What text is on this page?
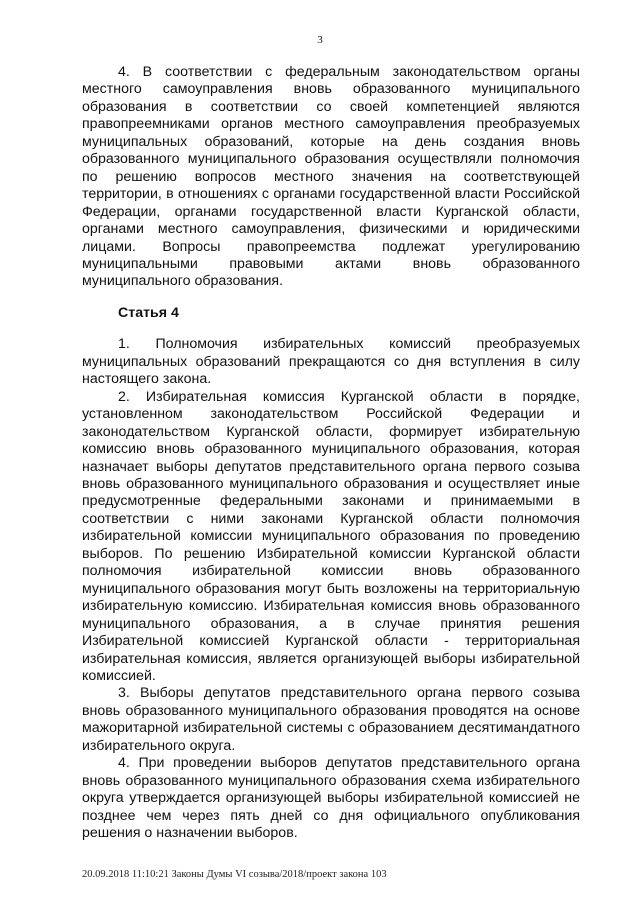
3

4. В соответствии с федеральным законодательством органы местного самоуправления вновь образованного муниципального образования в соответствии со своей компетенцией являются правопреемниками органов местного самоуправления преобразуемых муниципальных образований, которые на день создания вновь образованного муниципального образования осуществляли полномочия по решению вопросов местного значения на соответствующей территории, в отношениях с органами государственной власти Российской Федерации, органами государственной власти Курганской области, органами местного самоуправления, физическими и юридическими лицами. Вопросы правопреемства подлежат урегулированию муниципальными правовыми актами вновь образованного муниципального образования.

Статья 4

1. Полномочия избирательных комиссий преобразуемых муниципальных образований прекращаются со дня вступления в силу настоящего закона.

2. Избирательная комиссия Курганской области в порядке, установленном законодательством Российской Федерации и законодательством Курганской области, формирует избирательную комиссию вновь образованного муниципального образования, которая назначает выборы депутатов представительного органа первого созыва вновь образованного муниципального образования и осуществляет иные предусмотренные федеральными законами и принимаемыми в соответствии с ними законами Курганской области полномочия избирательной комиссии муниципального образования по проведению выборов. По решению Избирательной комиссии Курганской области полномочия избирательной комиссии вновь образованного муниципального образования могут быть возложены на территориальную избирательную комиссию. Избирательная комиссия вновь образованного муниципального образования, а в случае принятия решения Избирательной комиссией Курганской области - территориальная избирательная комиссия, является организующей выборы избирательной комиссией.

3. Выборы депутатов представительного органа первого созыва вновь образованного муниципального образования проводятся на основе мажоритарной избирательной системы с образованием десятимандатного избирательного округа.

4. При проведении выборов депутатов представительного органа вновь образованного муниципального образования схема избирательного округа утверждается организующей выборы избирательной комиссией не позднее чем через пять дней со дня официального опубликования решения о назначении выборов.

20.09.2018 11:10:21 Законы Думы VI созыва/2018/проект закона 103
